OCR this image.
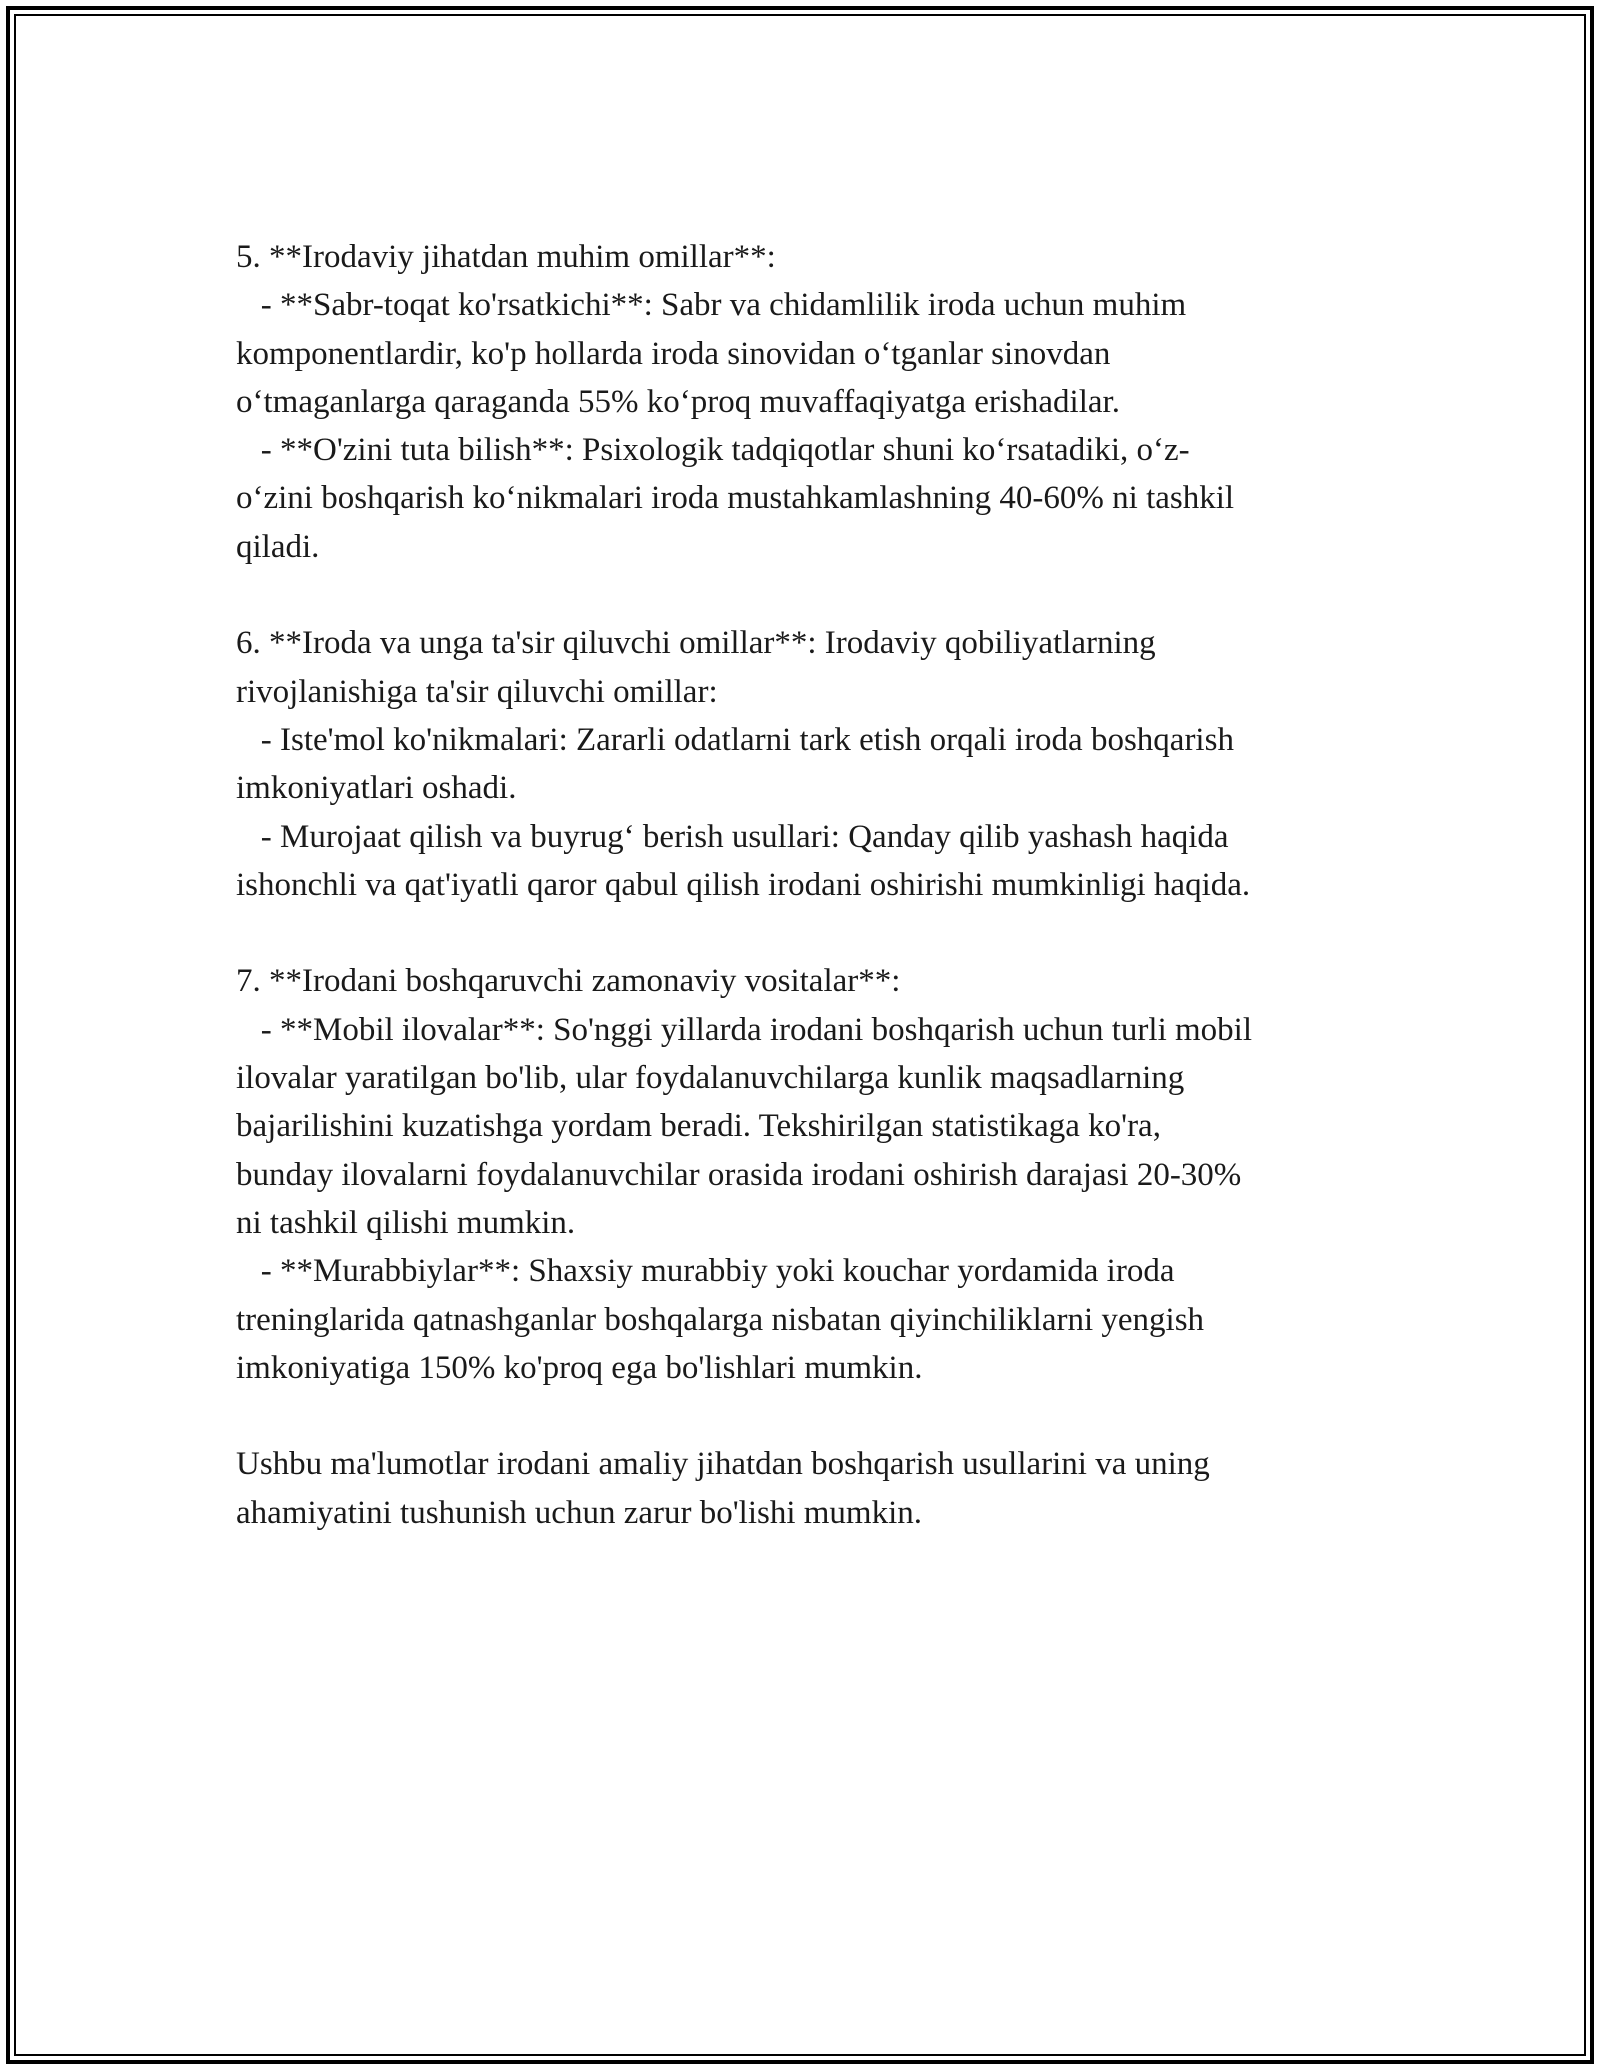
5. **Irodaviy jihatdan muhim omillar**:

- **Sabr-toqat ko'rsatkichi**: Sabr va chidamlilik iroda uchun muhim

komponentlardir, ko'p hollarda iroda sinovidan o‘tganlar sinovdan

o‘tmaganlarga qaraganda 55% ko‘proq muvaffaqiyatga erishadilar.

- **O'zini tuta bilish**: Psixologik tadqiqotlar shuni ko‘rsatadiki, o‘z-

o‘zini boshqarish ko‘nikmalari iroda mustahkamlashning 40-60% ni tashkil

qiladi.

6. **Iroda va unga ta'sir qiluvchi omillar**: Irodaviy qobiliyatlarning

rivojlanishiga ta'sir qiluvchi omillar:

- Iste'mol ko'nikmalari: Zararli odatlarni tark etish orqali iroda boshqarish

imkoniyatlari oshadi.

- Murojaat qilish va buyrug‘ berish usullari: Qanday qilib yashash haqida

ishonchli va qat'iyatli qaror qabul qilish irodani oshirishi mumkinligi haqida.

7. **Irodani boshqaruvchi zamonaviy vositalar**:

- **Mobil ilovalar**: So'nggi yillarda irodani boshqarish uchun turli mobil

ilovalar yaratilgan bo'lib, ular foydalanuvchilarga kunlik maqsadlarning

bajarilishini kuzatishga yordam beradi. Tekshirilgan statistikaga ko'ra,

bunday ilovalarni foydalanuvchilar orasida irodani oshirish darajasi 20-30%

ni tashkil qilishi mumkin.

- **Murabbiylar**: Shaxsiy murabbiy yoki kouchar yordamida iroda

treninglarida qatnashganlar boshqalarga nisbatan qiyinchiliklarni yengish

imkoniyatiga 150% ko'proq ega bo'lishlari mumkin.

Ushbu ma'lumotlar irodani amaliy jihatdan boshqarish usullarini va uning

ahamiyatini tushunish uchun zarur bo'lishi mumkin.
